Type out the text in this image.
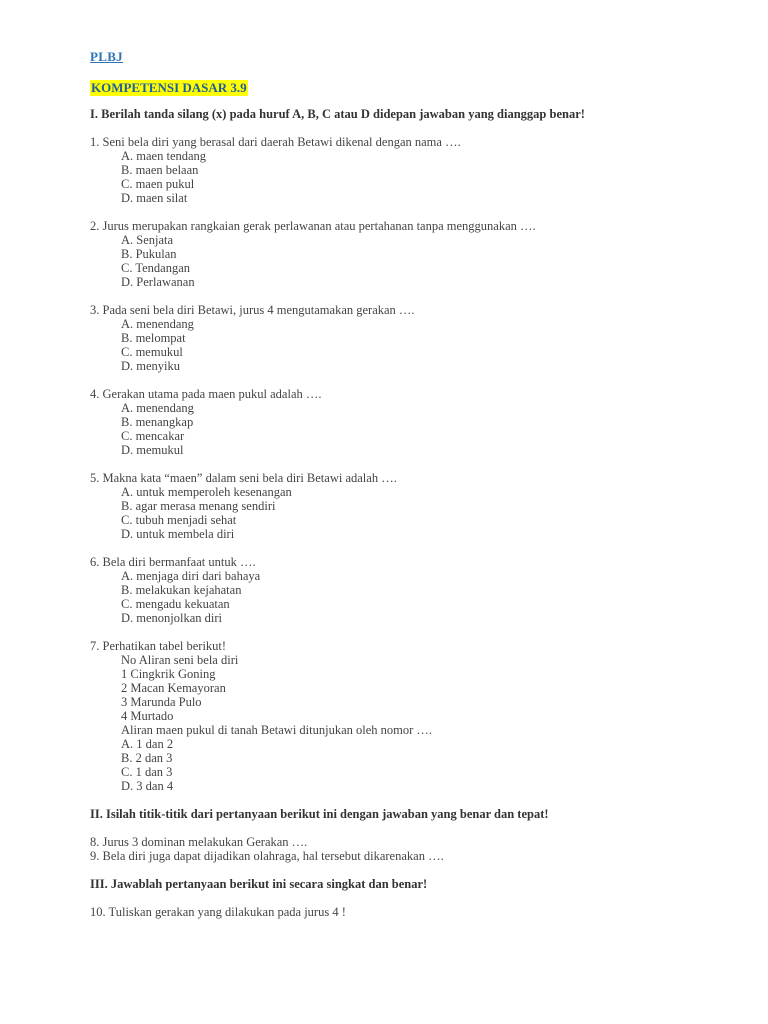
PLBJ
KOMPETENSI DASAR 3.9
I. Berilah tanda silang (x) pada huruf A, B, C atau D didepan jawaban yang dianggap benar!
1. Seni bela diri yang berasal dari daerah Betawi dikenal dengan nama ….
A. maen tendang
B. maen belaan
C. maen pukul
D. maen silat
2. Jurus merupakan rangkaian gerak perlawanan atau pertahanan tanpa menggunakan ….
A. Senjata
B. Pukulan
C. Tendangan
D. Perlawanan
3. Pada seni bela diri Betawi, jurus 4 mengutamakan gerakan ….
A. menendang
B. melompat
C. memukul
D. menyiku
4. Gerakan utama pada maen pukul adalah ….
A. menendang
B. menangkap
C. mencakar
D. memukul
5. Makna kata “maen” dalam seni bela diri Betawi adalah ….
A. untuk memperoleh kesenangan
B. agar merasa menang sendiri
C. tubuh menjadi sehat
D. untuk membela diri
6. Bela diri bermanfaat untuk ….
A. menjaga diri dari bahaya
B. melakukan kejahatan
C. mengadu kekuatan
D. menonjolkan diri
7. Perhatikan tabel berikut!
No Aliran seni bela diri
1 Cingkrik Goning
2 Macan Kemayoran
3 Marunda Pulo
4 Murtado
Aliran maen pukul di tanah Betawi ditunjukan oleh nomor ….
A. 1 dan 2
B. 2 dan 3
C. 1 dan 3
D. 3 dan 4
II. Isilah titik-titik dari pertanyaan berikut ini dengan jawaban yang benar dan tepat!
8. Jurus 3 dominan melakukan Gerakan ….
9. Bela diri juga dapat dijadikan olahraga, hal tersebut dikarenakan ….
III. Jawablah pertanyaan berikut ini secara singkat dan benar!
10. Tuliskan gerakan yang dilakukan pada jurus 4 !
